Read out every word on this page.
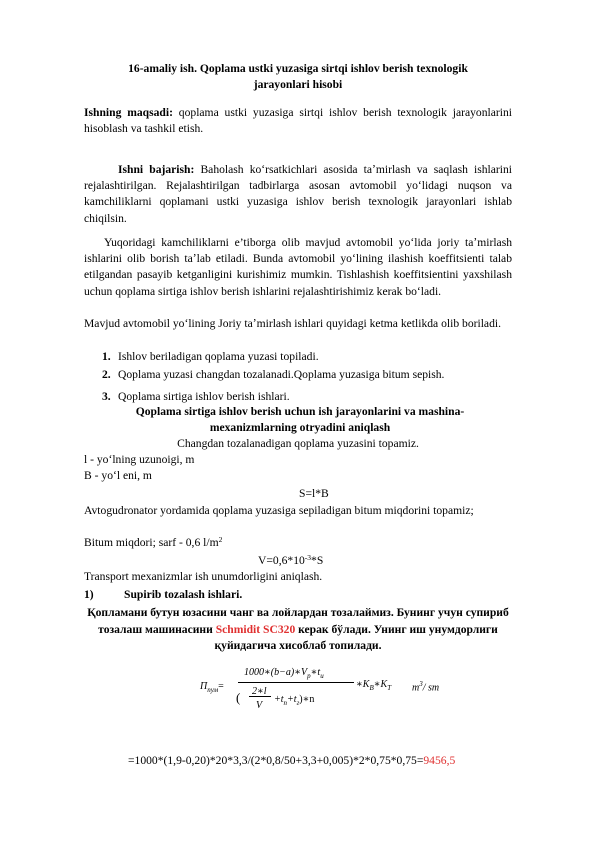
16-amaliy ish. Qoplama ustki yuzasiga sirtqi ishlov berish texnologik jarayonlari hisobi
Ishning maqsadi: qoplama ustki yuzasiga sirtqi ishlov berish texnologik jarayonlarini hisoblash va tashkil etish.
Ishni bajarish: Baholash koʻrsatkichlari asosida taʼmirlash va saqlash ishlarini rejalashtirilgan. Rejalashtirilgan tadbirlarga asosan avtomobil yoʻlidagi nuqson va kamchiliklarni qoplamani ustki yuzasiga ishlov berish texnologik jarayonlari ishlab chiqilsin.
Yuqoridagi kamchiliklarni e’tiborga olib mavjud avtomobil yoʻlida joriy taʼmirlash ishlarini olib borish taʼlab etiladi. Bunda avtomobil yoʻlining ilashish koeffitsienti talab etilgandan pasayib ketganligini kurishimiz mumkin. Tishlashish koeffitsientini yaxshilash uchun qoplama sirtiga ishlov berish ishlarini rejalashtirishimiz kerak boʻladi.
Mavjud avtomobil yoʻlining Joriy taʼmirlash ishlari quyidagi ketma ketlikda olib boriladi.
1. Ishlov beriladigan qoplama yuzasi topiladi.
2. Qoplama yuzasi changdan tozalanadi.Qoplama yuzasiga bitum sepish.
3. Qoplama sirtiga ishlov berish ishlari.
Qoplama sirtiga ishlov berish uchun ish jarayonlarini va mashina-mexanizmlarning otryadini aniqlash
Changdan tozalanadigan qoplama yuzasini topamiz.
l - yoʻlning uzunoigi, m
B - yoʻl eni, m
S=l*B
Avtogudronator yordamida qoplama yuzasiga sepiladigan bitum miqdorini topamiz;
Bitum miqdori; sarf - 0,6 $l/m^2$
$V=0,6*10^{-3}*S$
Transport mexanizmlar ish unumdorligini aniqlash.
1)	Supirib tozalash ishlari.
Қопламани бутун юзасини чанг ва лойлардан тозалаймиз. Бунинг учун супириб тозалаш машинасини Schmidit SC320 керак бўлади. Унинг иш унумдорлиги қуйидагича хисоблаб топилади.
$П_{пум}=$
$1000∗(b-a)∗V_р∗t_и$
( 2∗l
V
$+t_п+t_г)∗n$
$∗K_В∗K_Т$ $m^3/$ sm
=1000*(1,9-0,20)*20*3,3/(2*0,8/50+3,3+0,005)*2*0,75*0,75=9456,5
